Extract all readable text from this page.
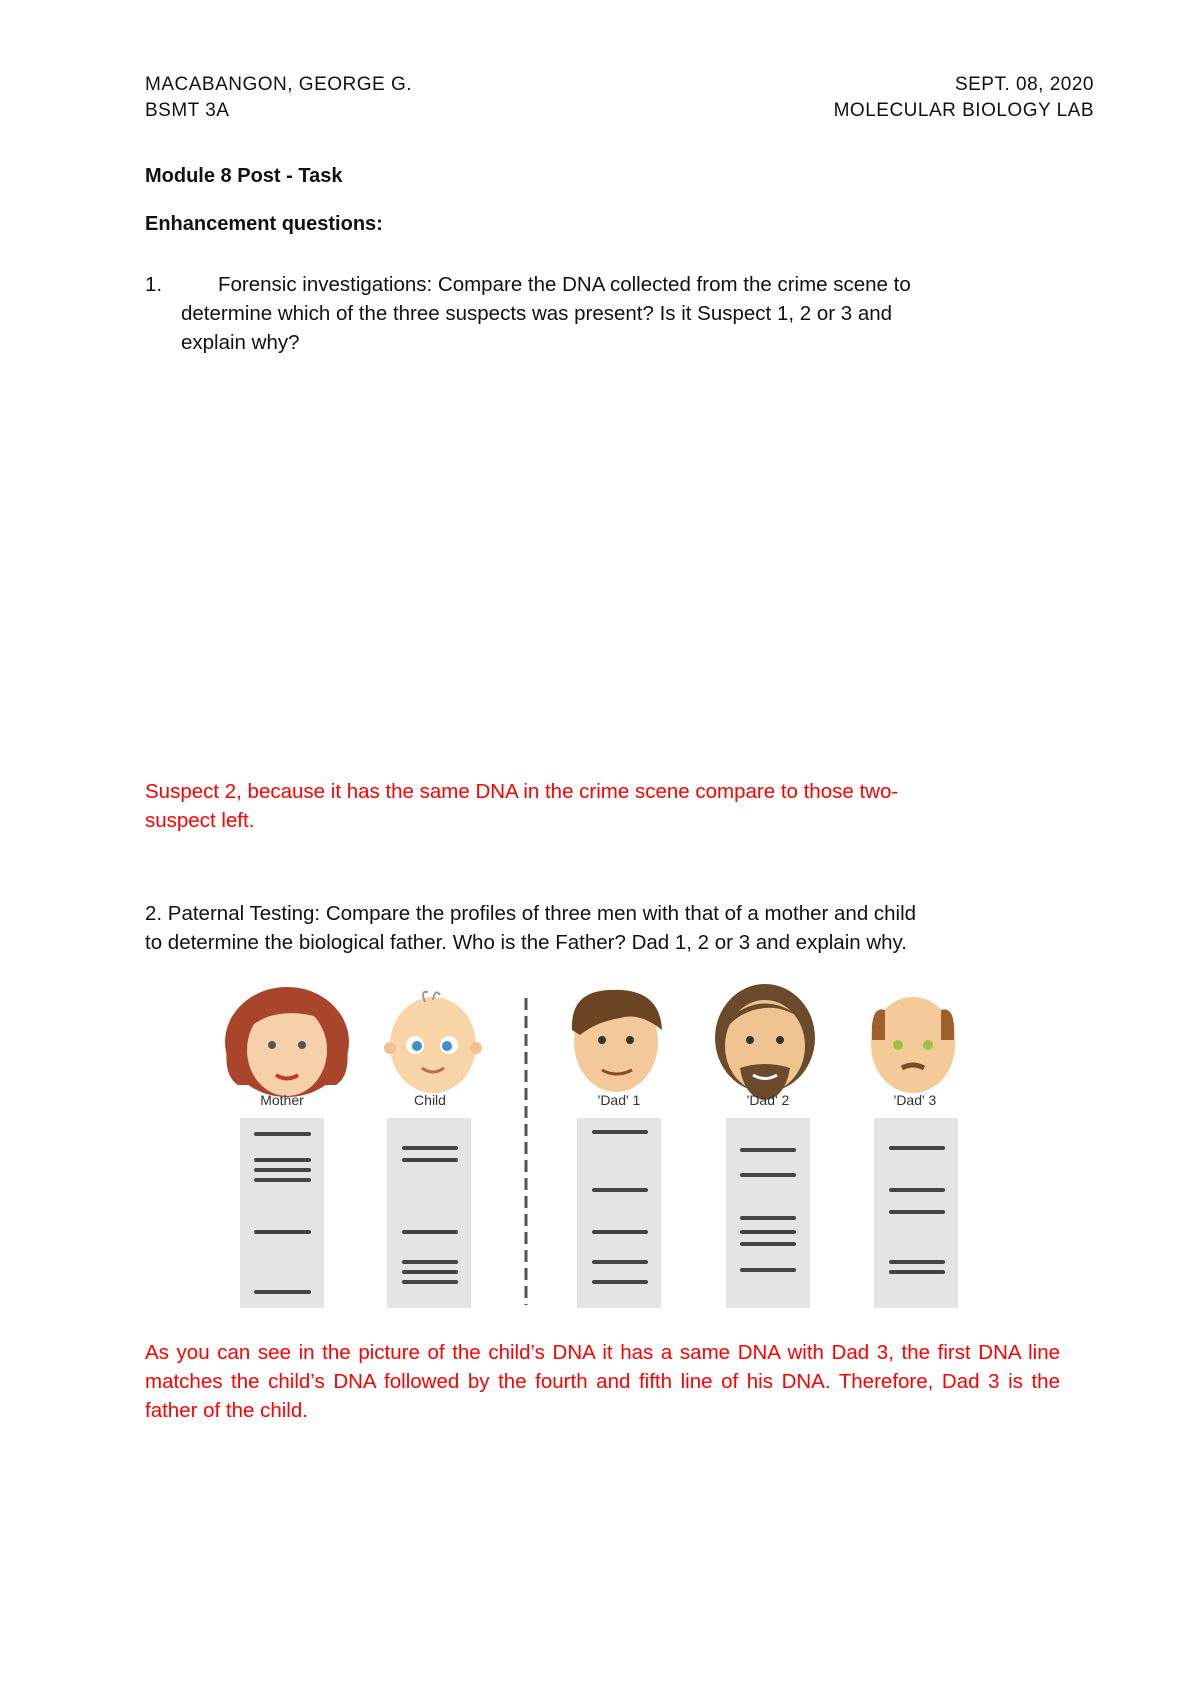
MACABANGON, GEORGE G.
BSMT 3A
SEPT. 08, 2020
MOLECULAR BIOLOGY LAB
Module 8 Post - Task
Enhancement questions:
1.	Forensic investigations: Compare the DNA collected from the crime scene to
determine which of the three suspects was present? Is it Suspect 1, 2 or 3 and
explain why?
Suspect 2, because it has the same DNA in the crime scene compare to those two-
suspect left.
2. Paternal Testing: Compare the profiles of three men with that of a mother and child
to determine the biological father. Who is the Father? Dad 1, 2 or 3 and explain why.
Mother	Child	'Dad' 1	'Dad' 2	'Dad' 3
As you can see in the picture of the child’s DNA it has a same DNA with Dad 3, the first DNA line matches the child’s DNA followed by the fourth and fifth line of his DNA. Therefore, Dad 3 is the father of the child.
